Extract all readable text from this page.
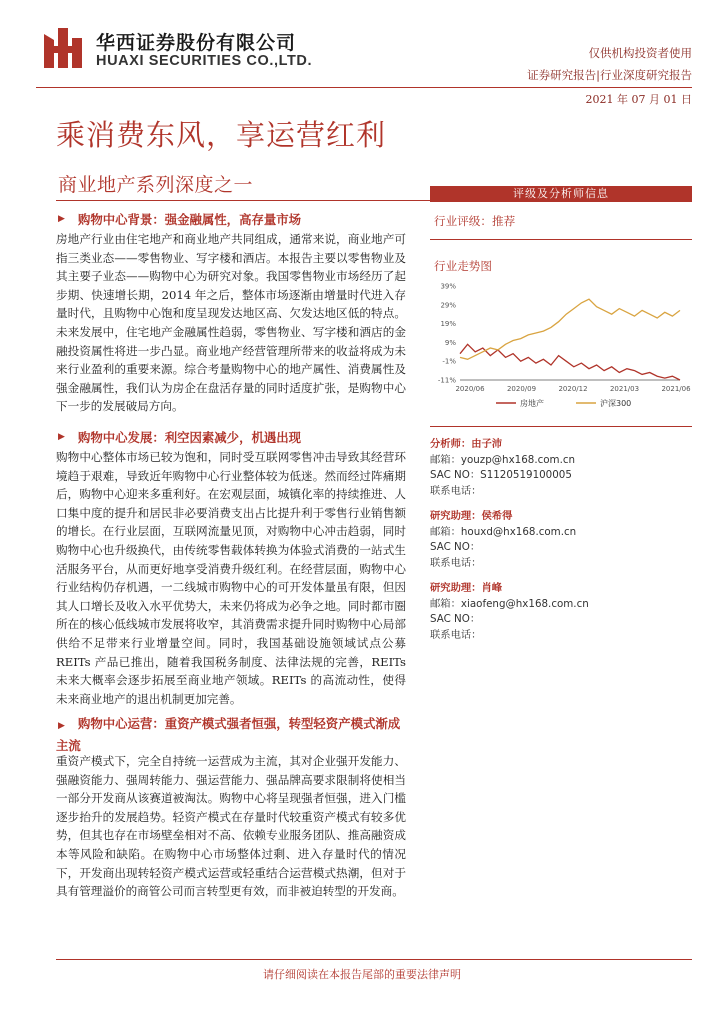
华西证券股份有限公司
HUAXI SECURITIES CO.,LTD.	仅供机构投资者使用
证券研究报告|行业深度研究报告
2021 年 07 月 01 日
乘消费东风，享运营红利
商业地产系列深度之一
▶	购物中心背景：强金融属性，高存量市场
房地产行业由住宅地产和商业地产共同组成，通常来说，商业地产可指三类业态——零售物业、写字楼和酒店。本报告主要以零售物业及其主要子业态——购物中心为研究对象。我国零售物业市场经历了起步期、快速增长期，2014 年之后，整体市场逐渐由增量时代进入存量时代，且购物中心饱和度呈现发达地区高、欠发达地区低的特点。未来发展中，住宅地产金融属性趋弱，零售物业、写字楼和酒店的金融投资属性将进一步凸显。商业地产经营管理所带来的收益将成为未来行业盈利的重要来源。综合考量购物中心的地产属性、消费属性及强金融属性，我们认为房企在盘活存量的同时适度扩张，是购物中心下一步的发展破局方向。
▶	购物中心发展：利空因素减少，机遇出现
购物中心整体市场已较为饱和，同时受互联网零售冲击导致其经营环境趋于艰难，导致近年购物中心行业整体较为低迷。然而经过阵痛期后，购物中心迎来多重利好。在宏观层面，城镇化率的持续推进、人口集中度的提升和居民非必要消费支出占比提升利于零售行业销售额的增长。在行业层面，互联网流量见顶，对购物中心冲击趋弱，同时购物中心也升级换代，由传统零售载体转换为体验式消费的一站式生活服务平台，从而更好地享受消费升级红利。在经营层面，购物中心行业结构仍存机遇，一二线城市购物中心的可开发体量虽有限，但因其人口增长及收入水平优势大，未来仍将成为必争之地。同时都市圈所在的核心低线城市发展将收窄，其消费需求提升同时购物中心局部供给不足带来行业增量空间。同时，我国基础设施领域试点公募 REITs 产品已推出，随着我国税务制度、法律法规的完善，REITs 未来大概率会逐步拓展至商业地产领域。REITs 的高流动性，使得未来商业地产的退出机制更加完善。
▶ 购物中心运营：重资产模式强者恒强，转型轻资产模式渐成主流
重资产模式下，完全自持统一运营成为主流，其对企业强开发能力、强融资能力、强周转能力、强运营能力、强品牌高要求限制将使相当一部分开发商从该赛道被淘汰。购物中心将呈现强者恒强，进入门槛逐步抬升的发展趋势。轻资产模式在存量时代较重资产模式有较多优势，但其也存在市场壁垒相对不高、依赖专业服务团队、推高融资成本等风险和缺陷。在购物中心市场整体过剩、进入存量时代的情况下，开发商出现转轻资产模式运营或轻重结合运营模式热潮，但对于具有管理溢价的商管公司而言转型更有效，而非被迫转型的开发商。
评级及分析师信息
行业评级：推荐
行业走势图
39%
29%
19%
9%
-1%
-11%
2020/06	2020/09	2020/12	2021/03	2021/06
房地产	沪深300
分析师：由子沛
邮箱：youzp@hx168.com.cn
SAC NO：S1120519100005
联系电话：
研究助理：侯希得
邮箱：houxd@hx168.com.cn
SAC NO：
联系电话：
研究助理：肖峰
邮箱：xiaofeng@hx168.com.cn
SAC NO：
联系电话：
请仔细阅读在本报告尾部的重要法律声明
